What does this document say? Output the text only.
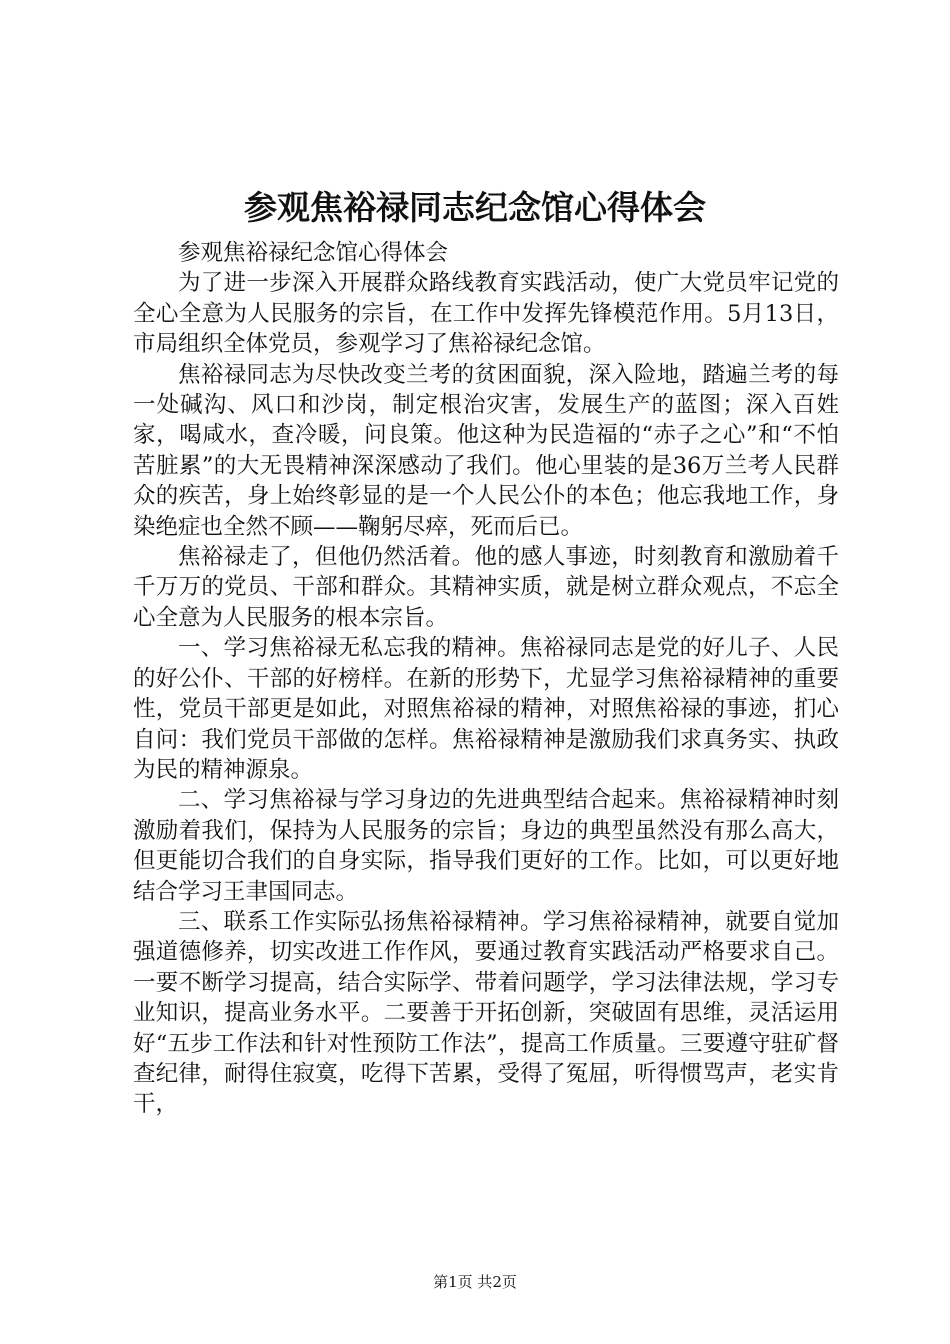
参观焦裕禄同志纪念馆心得体会

参观焦裕禄纪念馆心得体会

为了进一步深入开展群众路线教育实践活动，使广大党员牢记党的全心全意为人民服务的宗旨，在工作中发挥先锋模范作用。5月13日，市局组织全体党员，参观学习了焦裕禄纪念馆。

焦裕禄同志为尽快改变兰考的贫困面貌，深入险地，踏遍兰考的每一处碱沟、风口和沙岗，制定根治灾害，发展生产的蓝图；深入百姓家，喝咸水，查冷暖，问良策。他这种为民造福的“赤子之心”和“不怕苦脏累”的大无畏精神深深感动了我们。他心里装的是36万兰考人民群众的疾苦，身上始终彰显的是一个人民公仆的本色；他忘我地工作，身染绝症也全然不顾——鞠躬尽瘁，死而后已。

焦裕禄走了，但他仍然活着。他的感人事迹，时刻教育和激励着千千万万的党员、干部和群众。其精神实质，就是树立群众观点，不忘全心全意为人民服务的根本宗旨。

一、学习焦裕禄无私忘我的精神。焦裕禄同志是党的好儿子、人民的好公仆、干部的好榜样。在新的形势下，尤显学习焦裕禄精神的重要性，党员干部更是如此，对照焦裕禄的精神，对照焦裕禄的事迹，扪心自问：我们党员干部做的怎样。焦裕禄精神是激励我们求真务实、执政为民的精神源泉。

二、学习焦裕禄与学习身边的先进典型结合起来。焦裕禄精神时刻激励着我们，保持为人民服务的宗旨；身边的典型虽然没有那么高大，但更能切合我们的自身实际，指导我们更好的工作。比如，可以更好地结合学习王聿国同志。

三、联系工作实际弘扬焦裕禄精神。学习焦裕禄精神，就要自觉加强道德修养，切实改进工作作风，要通过教育实践活动严格要求自己。一要不断学习提高，结合实际学、带着问题学，学习法律法规，学习专业知识，提高业务水平。二要善于开拓创新，突破固有思维，灵活运用好“五步工作法和针对性预防工作法”，提高工作质量。三要遵守驻矿督查纪律，耐得住寂寞，吃得下苦累，受得了冤屈，听得惯骂声，老实肯干，

第1页 共2页
